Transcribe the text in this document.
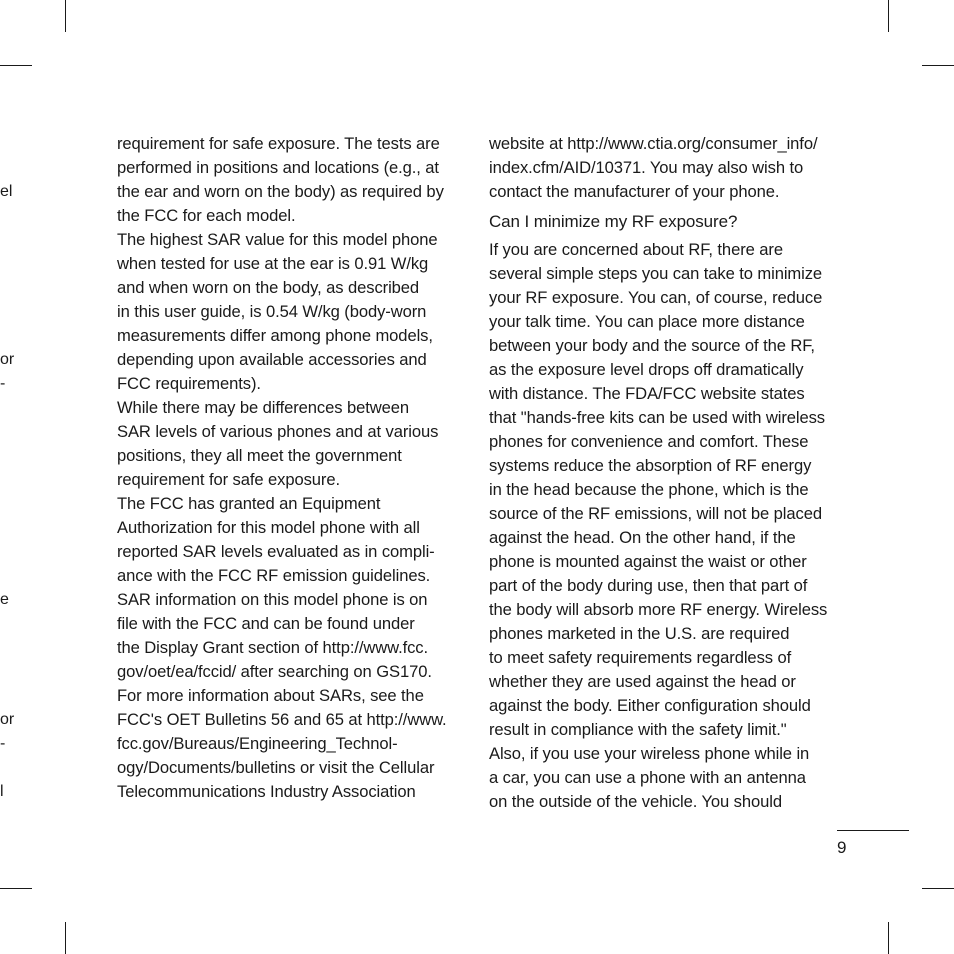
el
or
-
e
or
-
l

requirement for safe exposure. The tests are

performed in positions and locations (e.g., at

the ear and worn on the body) as required by

the FCC for each model.

The highest SAR value for this model phone

when tested for use at the ear is 0.91 W/kg

and when worn on the body, as described

in this user guide, is 0.54 W/kg (body-worn

measurements differ among phone models,

depending upon available accessories and

FCC requirements).

While there may be differences between

SAR levels of various phones and at various

positions, they all meet the government

requirement for safe exposure.

The FCC has granted an Equipment

Authorization for this model phone with all

reported SAR levels evaluated as in compli-

ance with the FCC RF emission guidelines.

SAR information on this model phone is on

file with the FCC and can be found under

the Display Grant section of http://www.fcc.

gov/oet/ea/fccid/ after searching on GS170.

For more information about SARs, see the

FCC's OET Bulletins 56 and 65 at http://www.

fcc.gov/Bureaus/Engineering_Technol-

ogy/Documents/bulletins or visit the Cellular

Telecommunications Industry Association

website at http://www.ctia.org/consumer_info/

index.cfm/AID/10371. You may also wish to

contact the manufacturer of your phone.

Can I minimize my RF exposure?

If you are concerned about RF, there are

several simple steps you can take to minimize

your RF exposure. You can, of course, reduce

your talk time. You can place more distance

between your body and the source of the RF,

as the exposure level drops off dramatically

with distance. The FDA/FCC website states

that "hands-free kits can be used with wireless

phones for convenience and comfort. These

systems reduce the absorption of RF energy

in the head because the phone, which is the

source of the RF emissions, will not be placed

against the head. On the other hand, if the

phone is mounted against the waist or other

part of the body during use, then that part of

the body will absorb more RF energy. Wireless

phones marketed in the U.S. are required

to meet safety requirements regardless of

whether they are used against the head or

against the body. Either configuration should

result in compliance with the safety limit."

Also, if you use your wireless phone while in

a car, you can use a phone with an antenna

on the outside of the vehicle. You should

9
